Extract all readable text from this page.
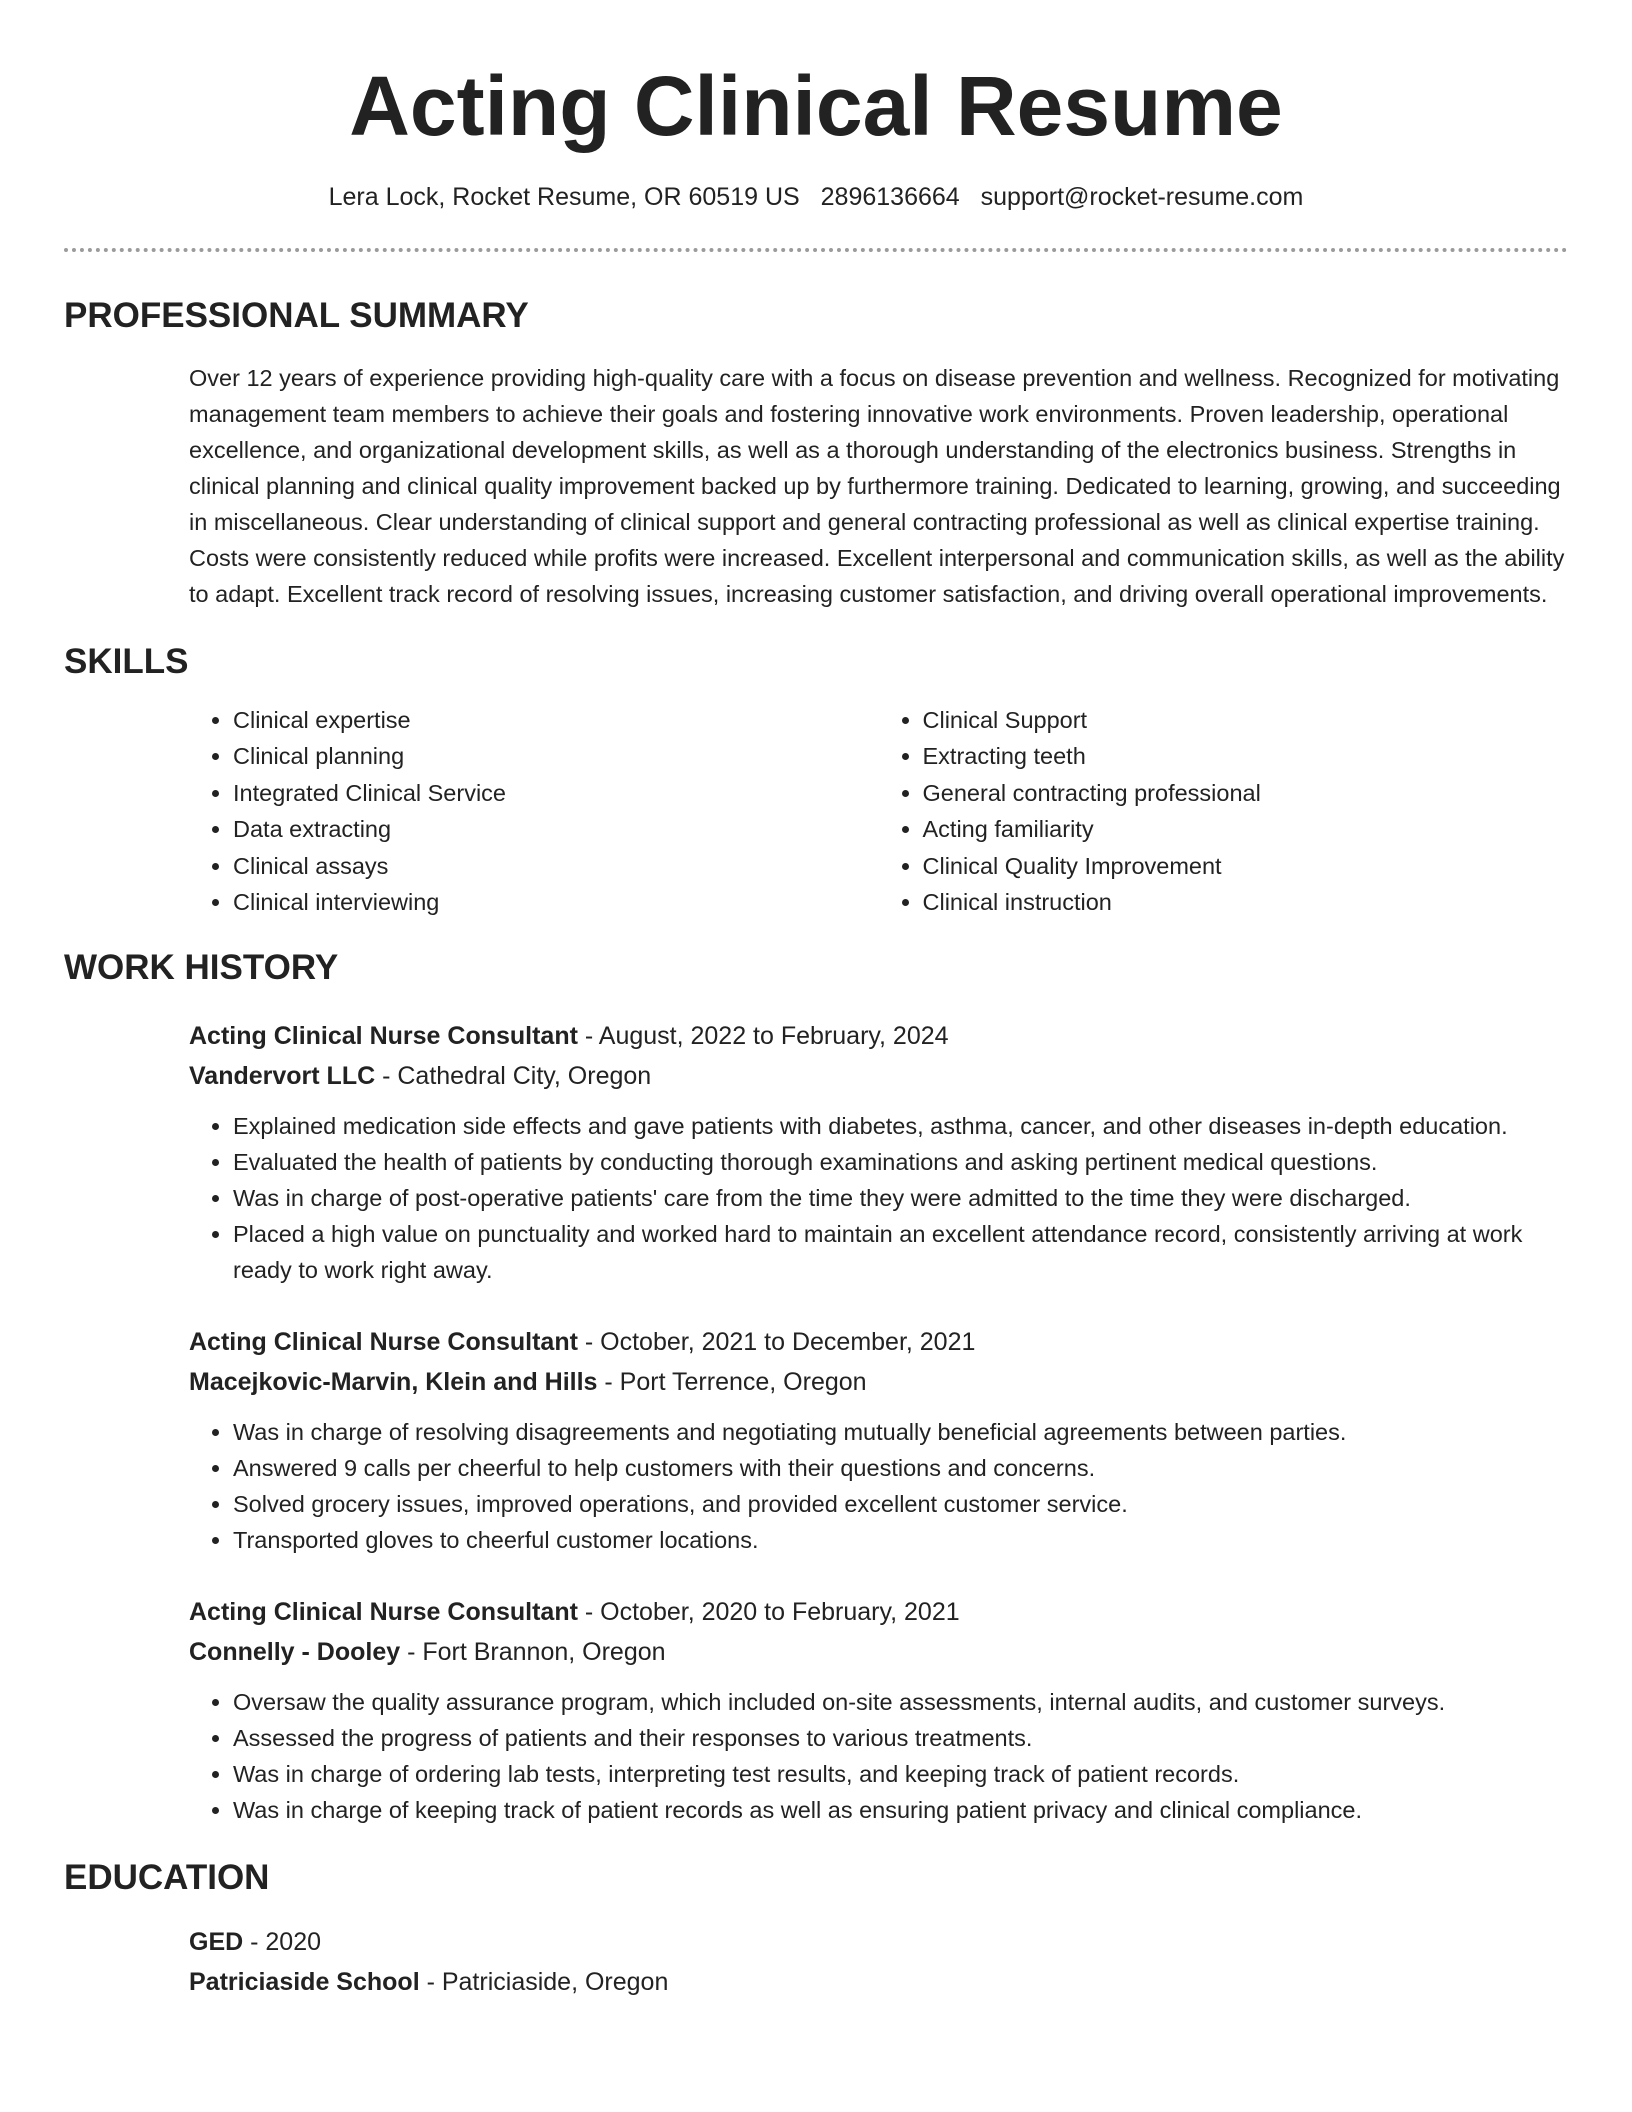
Acting Clinical Resume
Lera Lock, Rocket Resume, OR 60519 US 2896136664 support@rocket-resume.com
PROFESSIONAL SUMMARY
Over 12 years of experience providing high-quality care with a focus on disease prevention and wellness. Recognized for motivating management team members to achieve their goals and fostering innovative work environments. Proven leadership, operational excellence, and organizational development skills, as well as a thorough understanding of the electronics business. Strengths in clinical planning and clinical quality improvement backed up by furthermore training. Dedicated to learning, growing, and succeeding in miscellaneous. Clear understanding of clinical support and general contracting professional as well as clinical expertise training. Costs were consistently reduced while profits were increased. Excellent interpersonal and communication skills, as well as the ability to adapt. Excellent track record of resolving issues, increasing customer satisfaction, and driving overall operational improvements.
SKILLS
• Clinical expertise
• Clinical planning
• Integrated Clinical Service
• Data extracting
• Clinical assays
• Clinical interviewing
• Clinical Support
• Extracting teeth
• General contracting professional
• Acting familiarity
• Clinical Quality Improvement
• Clinical instruction
WORK HISTORY
Acting Clinical Nurse Consultant - August, 2022 to February, 2024
Vandervort LLC - Cathedral City, Oregon
• Explained medication side effects and gave patients with diabetes, asthma, cancer, and other diseases in-depth education.
• Evaluated the health of patients by conducting thorough examinations and asking pertinent medical questions.
• Was in charge of post-operative patients' care from the time they were admitted to the time they were discharged.
• Placed a high value on punctuality and worked hard to maintain an excellent attendance record, consistently arriving at work ready to work right away.
Acting Clinical Nurse Consultant - October, 2021 to December, 2021
Macejkovic-Marvin, Klein and Hills - Port Terrence, Oregon
• Was in charge of resolving disagreements and negotiating mutually beneficial agreements between parties.
• Answered 9 calls per cheerful to help customers with their questions and concerns.
• Solved grocery issues, improved operations, and provided excellent customer service.
• Transported gloves to cheerful customer locations.
Acting Clinical Nurse Consultant - October, 2020 to February, 2021
Connelly - Dooley - Fort Brannon, Oregon
• Oversaw the quality assurance program, which included on-site assessments, internal audits, and customer surveys.
• Assessed the progress of patients and their responses to various treatments.
• Was in charge of ordering lab tests, interpreting test results, and keeping track of patient records.
• Was in charge of keeping track of patient records as well as ensuring patient privacy and clinical compliance.
EDUCATION
GED - 2020
Patriciaside School - Patriciaside, Oregon
